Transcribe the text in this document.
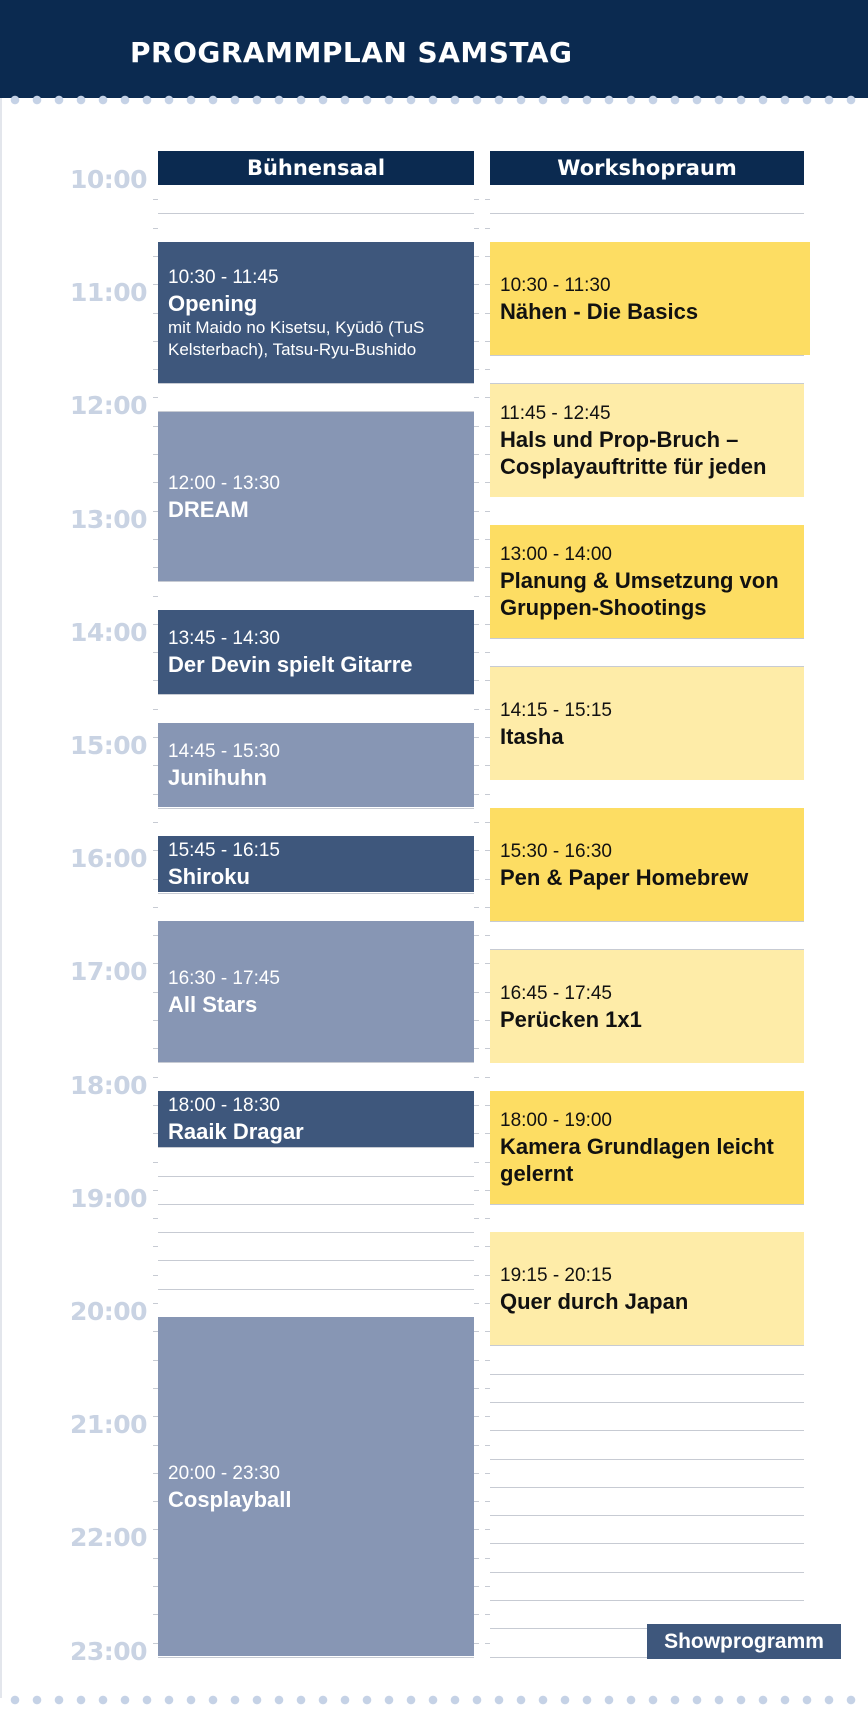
PROGRAMMPLAN SAMSTAG
10:00
11:00
12:00
13:00
14:00
15:00
16:00
17:00
18:00
19:00
20:00
21:00
22:00
23:00
Bühnensaal	Workshopraum
10:30 - 11:45
Opening
mit Maido no Kisetsu, Kyūdō (TuS Kelsterbach), Tatsu-Ryu-Bushido
12:00 - 13:30
DREAM
13:45 - 14:30
Der Devin spielt Gitarre
14:45 - 15:30
Junihuhn
15:45 - 16:15
Shiroku
16:30 - 17:45
All Stars
18:00 - 18:30
Raaik Dragar
20:00 - 23:30
Cosplayball
10:30 - 11:30
Nähen - Die Basics
11:45 - 12:45
Hals und Prop-Bruch – Cosplayauftritte für jeden
13:00 - 14:00
Planung & Umsetzung von Gruppen-Shootings
14:15 - 15:15
Itasha
15:30 - 16:30
Pen & Paper Homebrew
16:45 - 17:45
Perücken 1x1
18:00 - 19:00
Kamera Grundlagen leicht gelernt
19:15 - 20:15
Quer durch Japan
Showprogramm
